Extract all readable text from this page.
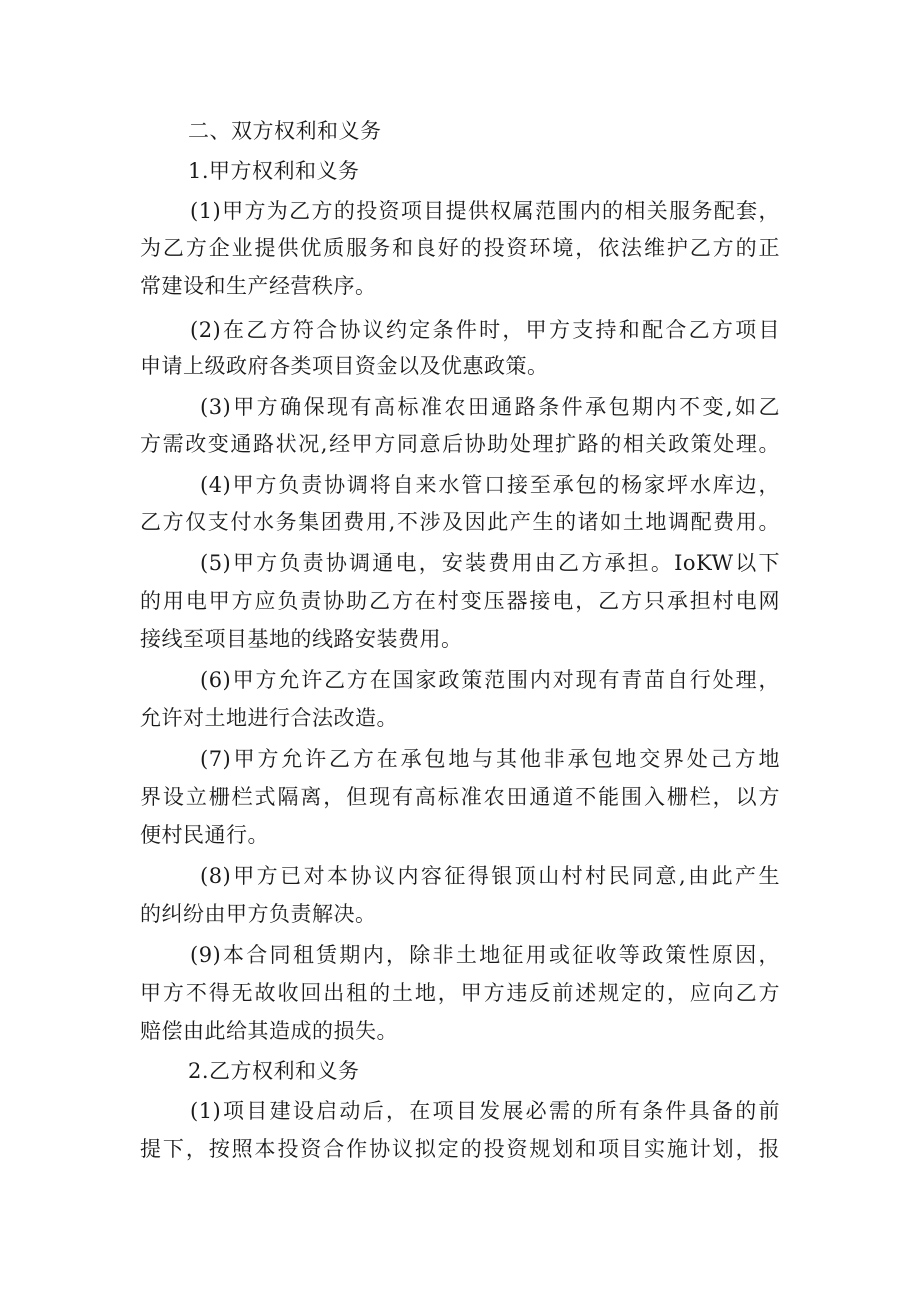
二、双方权利和义务
1.甲方权利和义务
(1)甲方为乙方的投资项目提供权属范围内的相关服务配套，
为乙方企业提供优质服务和良好的投资环境，依法维护乙方的正
常建设和生产经营秩序。
(2)在乙方符合协议约定条件时，甲方支持和配合乙方项目
申请上级政府各类项目资金以及优惠政策。
(3)甲方确保现有高标准农田通路条件承包期内不变,如乙
方需改变通路状况,经甲方同意后协助处理扩路的相关政策处理。
(4)甲方负责协调将自来水管口接至承包的杨家坪水库边，
乙方仅支付水务集团费用,不涉及因此产生的诸如土地调配费用。
(5)甲方负责协调通电，安装费用由乙方承担。IoKW以下
的用电甲方应负责协助乙方在村变压器接电，乙方只承担村电网
接线至项目基地的线路安装费用。
(6)甲方允许乙方在国家政策范围内对现有青苗自行处理，
允许对土地进行合法改造。
(7)甲方允许乙方在承包地与其他非承包地交界处己方地
界设立栅栏式隔离，但现有高标准农田通道不能围入栅栏，以方
便村民通行。
(8)甲方已对本协议内容征得银顶山村村民同意,由此产生
的纠纷由甲方负责解决。
(9)本合同租赁期内，除非土地征用或征收等政策性原因，
甲方不得无故收回出租的土地，甲方违反前述规定的，应向乙方
赔偿由此给其造成的损失。
2.乙方权利和义务
(1)项目建设启动后，在项目发展必需的所有条件具备的前
提下，按照本投资合作协议拟定的投资规划和项目实施计划，报
